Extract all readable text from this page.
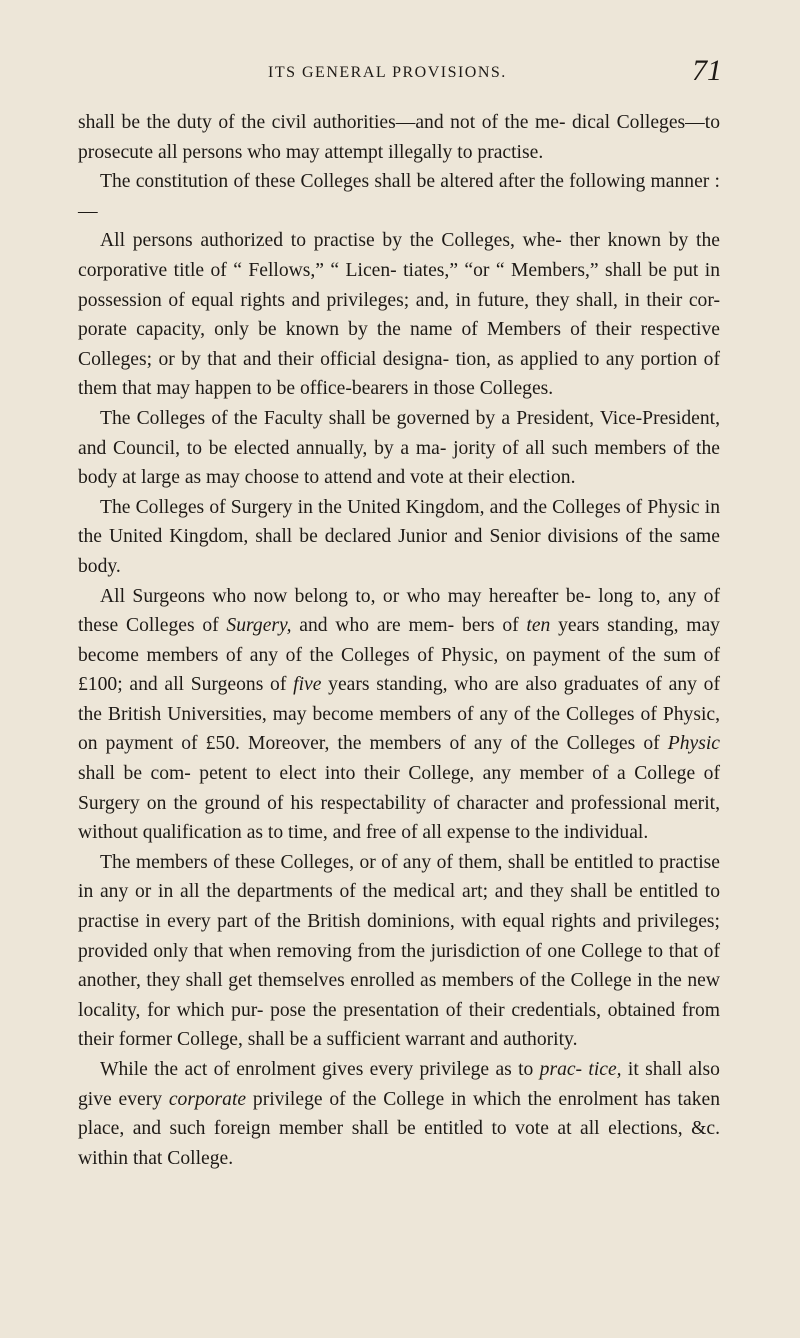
ITS GENERAL PROVISIONS.	71

shall be the duty of the civil authorities—and not of the me- dical Colleges—to prosecute all persons who may attempt illegally to practise.

The constitution of these Colleges shall be altered after the following manner :—

All persons authorized to practise by the Colleges, whe- ther known by the corporative title of “ Fellows,” “ Licen- tiates,” “or “ Members,” shall be put in possession of equal rights and privileges; and, in future, they shall, in their cor- porate capacity, only be known by the name of Members of their respective Colleges; or by that and their official designa- tion, as applied to any portion of them that may happen to be office-bearers in those Colleges.

The Colleges of the Faculty shall be governed by a President, Vice-President, and Council, to be elected annually, by a ma- jority of all such members of the body at large as may choose to attend and vote at their election.

The Colleges of Surgery in the United Kingdom, and the Colleges of Physic in the United Kingdom, shall be declared Junior and Senior divisions of the same body.

All Surgeons who now belong to, or who may hereafter be- long to, any of these Colleges of Surgery, and who are mem- bers of ten years standing, may become members of any of the Colleges of Physic, on payment of the sum of £100; and all Surgeons of five years standing, who are also graduates of any of the British Universities, may become members of any of the Colleges of Physic, on payment of £50. Moreover, the members of any of the Colleges of Physic shall be com- petent to elect into their College, any member of a College of Surgery on the ground of his respectability of character and professional merit, without qualification as to time, and free of all expense to the individual.

The members of these Colleges, or of any of them, shall be entitled to practise in any or in all the departments of the medical art; and they shall be entitled to practise in every part of the British dominions, with equal rights and privileges; provided only that when removing from the jurisdiction of one College to that of another, they shall get themselves enrolled as members of the College in the new locality, for which pur- pose the presentation of their credentials, obtained from their former College, shall be a sufficient warrant and authority.

While the act of enrolment gives every privilege as to prac- tice, it shall also give every corporate privilege of the College in which the enrolment has taken place, and such foreign member shall be entitled to vote at all elections, &c. within that College.
